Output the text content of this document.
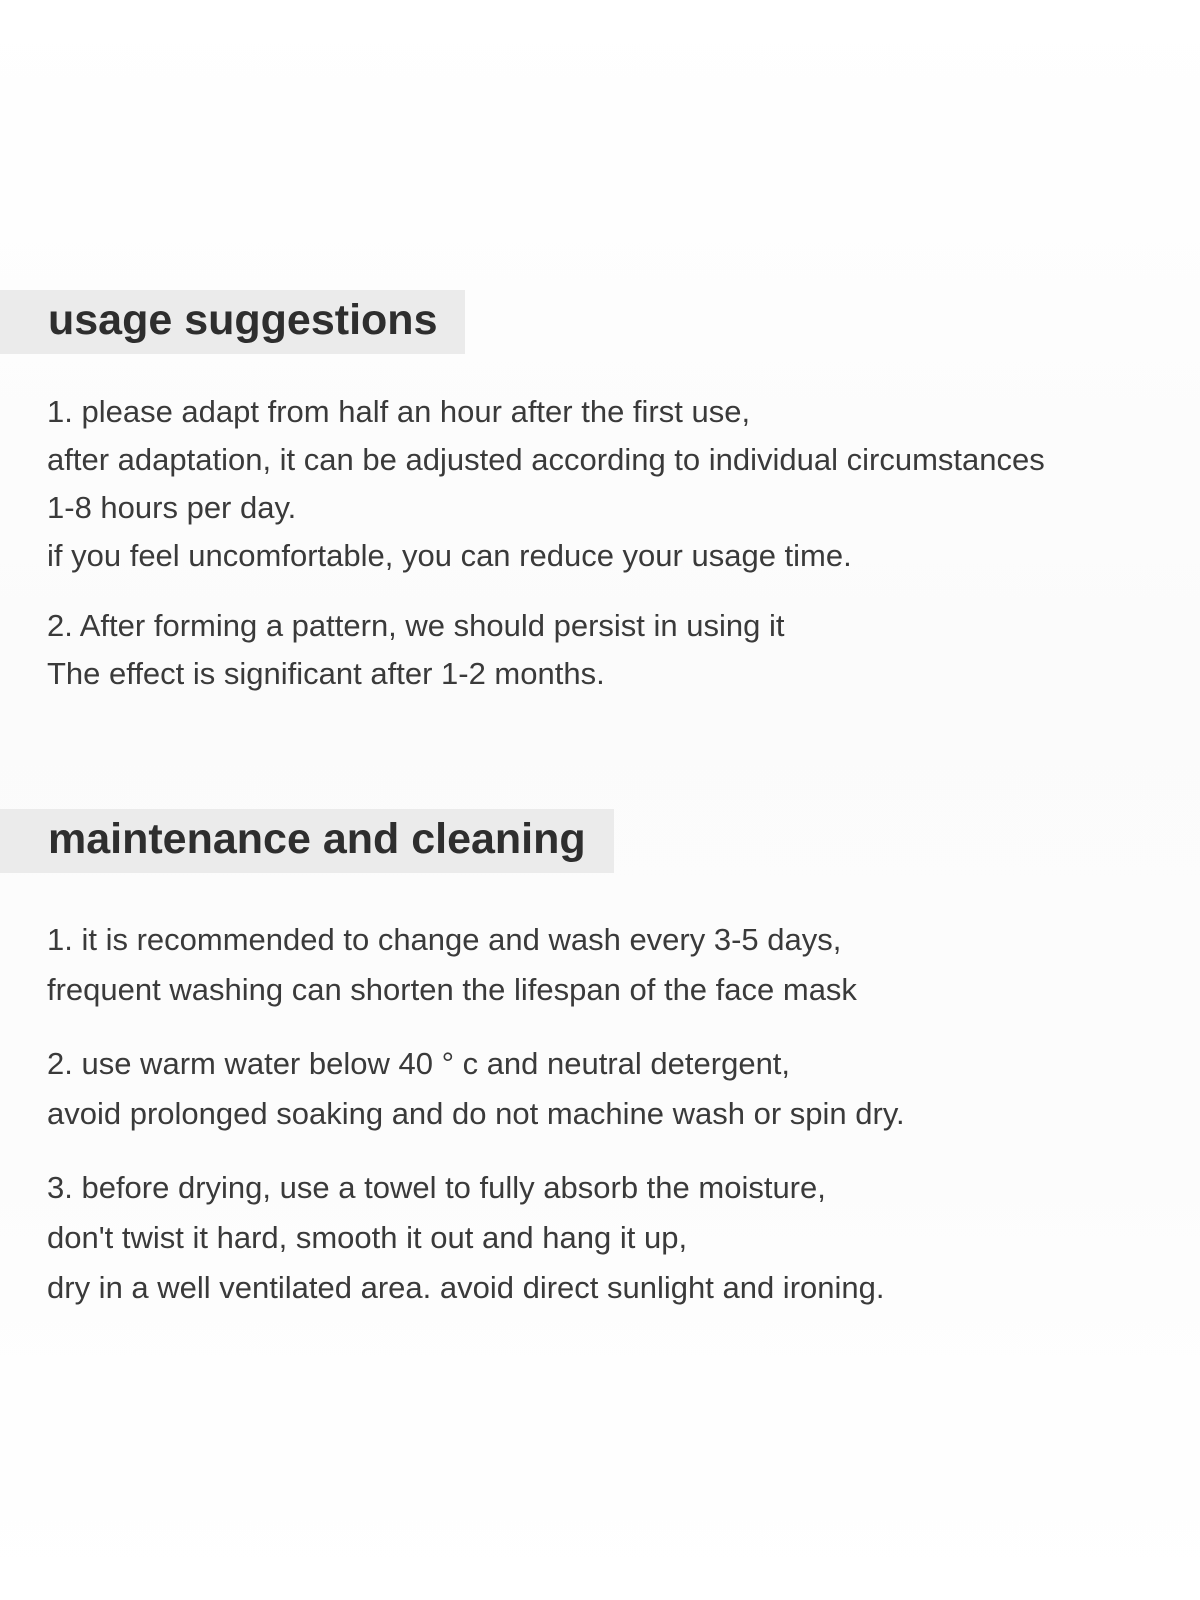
usage suggestions
1. please adapt from half an hour after the first use,
after adaptation, it can be adjusted according to individual circumstances
1-8 hours per day.
if you feel uncomfortable, you can reduce your usage time.
2. After forming a pattern, we should persist in using it
The effect is significant after 1-2 months.
maintenance and cleaning
1. it is recommended to change and wash every 3-5 days,
frequent washing can shorten the lifespan of the face mask
2. use warm water below 40 ° c and neutral detergent,
avoid prolonged soaking and do not machine wash or spin dry.
3. before drying, use a towel to fully absorb the moisture,
don't twist it hard, smooth it out and hang it up,
dry in a well ventilated area. avoid direct sunlight and ironing.
